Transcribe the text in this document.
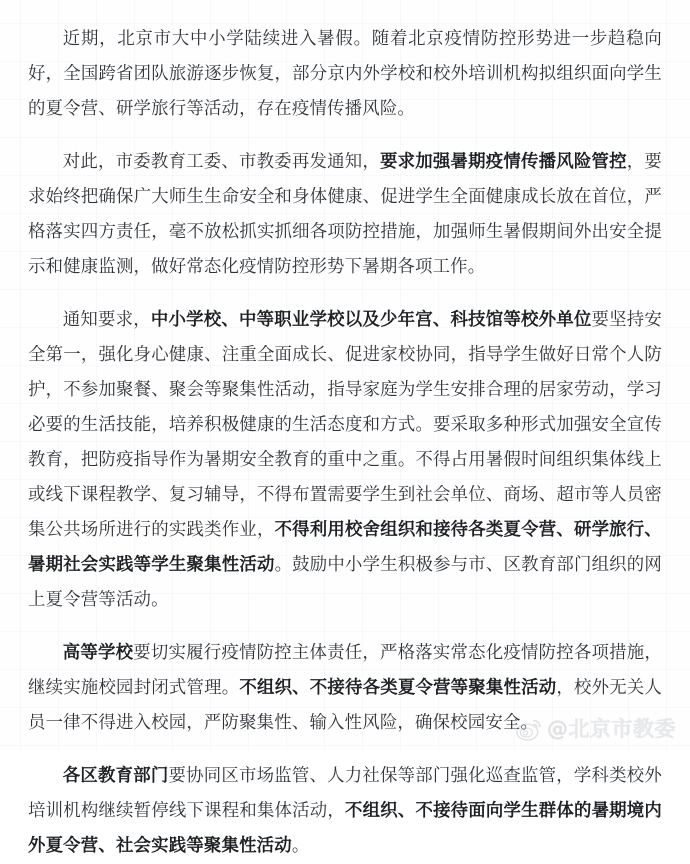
近期，北京市大中小学陆续进入暑假。随着北京疫情防控形势进一步趋稳向好，全国跨省团队旅游逐步恢复，部分京内外学校和校外培训机构拟组织面向学生的夏令营、研学旅行等活动，存在疫情传播风险。

对此，市委教育工委、市教委再发通知，要求加强暑期疫情传播风险管控，要求始终把确保广大师生生命安全和身体健康、促进学生全面健康成长放在首位，严格落实四方责任，毫不放松抓实抓细各项防控措施，加强师生暑假期间外出安全提示和健康监测，做好常态化疫情防控形势下暑期各项工作。

通知要求，中小学校、中等职业学校以及少年宫、科技馆等校外单位要坚持安全第一，强化身心健康、注重全面成长、促进家校协同，指导学生做好日常个人防护，不参加聚餐、聚会等聚集性活动，指导家庭为学生安排合理的居家劳动，学习必要的生活技能，培养积极健康的生活态度和方式。要采取多种形式加强安全宣传教育，把防疫指导作为暑期安全教育的重中之重。不得占用暑假时间组织集体线上或线下课程教学、复习辅导，不得布置需要学生到社会单位、商场、超市等人员密集公共场所进行的实践类作业，不得利用校舍组织和接待各类夏令营、研学旅行、暑期社会实践等学生聚集性活动。鼓励中小学生积极参与市、区教育部门组织的网上夏令营等活动。

高等学校要切实履行疫情防控主体责任，严格落实常态化疫情防控各项措施，继续实施校园封闭式管理。不组织、不接待各类夏令营等聚集性活动，校外无关人员一律不得进入校园，严防聚集性、输入性风险，确保校园安全。

各区教育部门要协同区市场监管、人力社保等部门强化巡查监管，学科类校外培训机构继续暂停线下课程和集体活动，不组织、不接待面向学生群体的暑期境内外夏令营、社会实践等聚集性活动。

@北京市教委
